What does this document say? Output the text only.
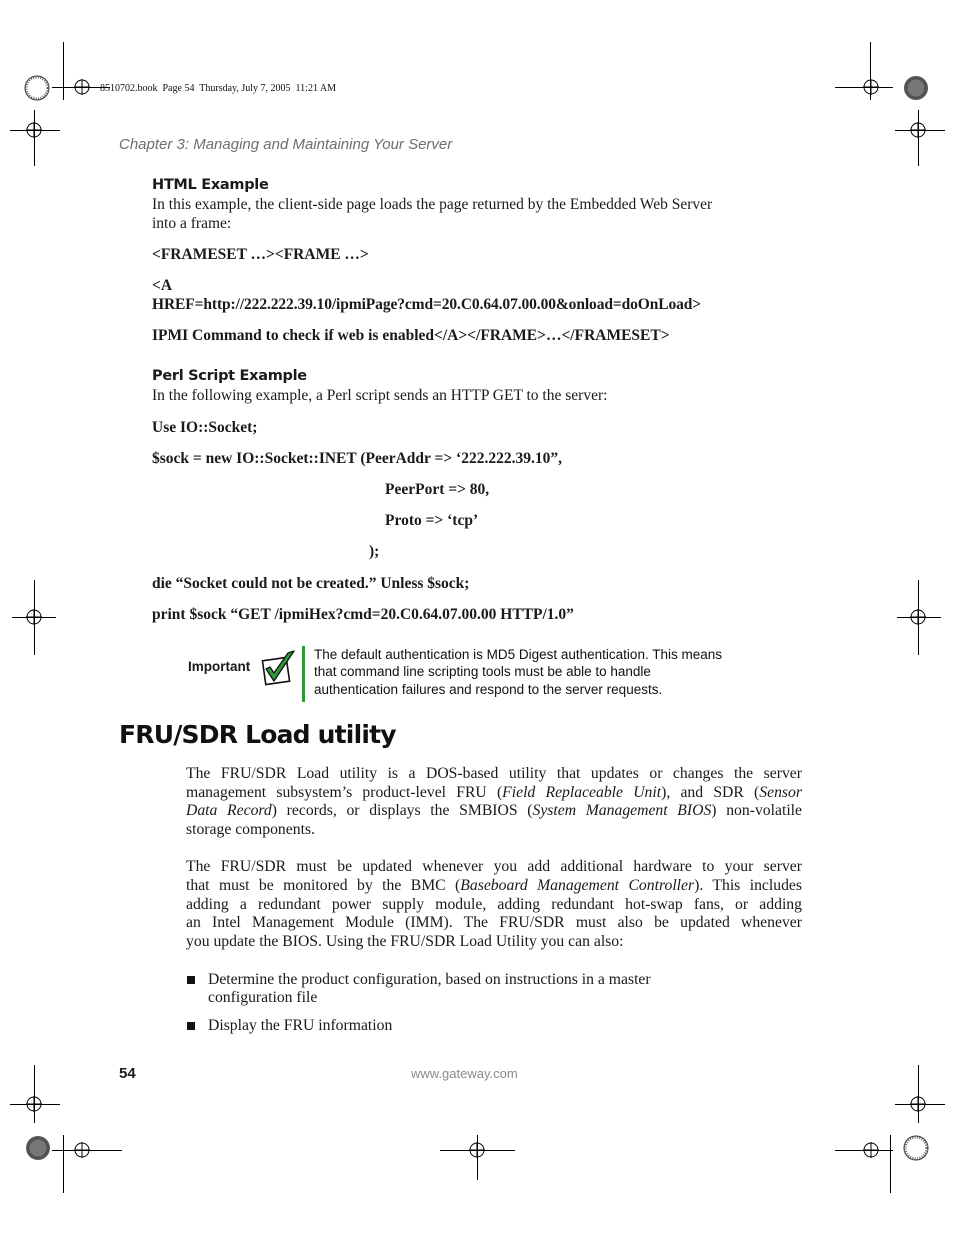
8510702.book  Page 54  Thursday, July 7, 2005  11:21 AM
Chapter 3: Managing and Maintaining Your Server
HTML Example
In this example, the client-side page loads the page returned by the Embedded Web Server
into a frame:
<FRAMESET …><FRAME …>
<A
HREF=http://222.222.39.10/ipmiPage?cmd=20.C0.64.07.00.00&onload=doOnLoad>
IPMI Command to check if web is enabled</A></FRAME>…</FRAMESET>
Perl Script Example
In the following example, a Perl script sends an HTTP GET to the server:
Use IO::Socket;
$sock = new IO::Socket::INET (PeerAddr => ‘222.222.39.10”,
PeerPort => 80,
Proto => ‘tcp’
);
die “Socket could not be created.” Unless $sock;
print $sock “GET /ipmiHex?cmd=20.C0.64.07.00.00 HTTP/1.0”
Important
The default authentication is MD5 Digest authentication. This means
that command line scripting tools must be able to handle
authentication failures and respond to the server requests.
FRU/SDR Load utility
The FRU/SDR Load utility is a DOS-based utility that updates or changes the server
management subsystem’s product-level FRU (Field Replaceable Unit), and SDR (Sensor
Data Record) records, or displays the SMBIOS (System Management BIOS) non-volatile
storage components.
The FRU/SDR must be updated whenever you add additional hardware to your server
that must be monitored by the BMC (Baseboard Management Controller). This includes
adding a redundant power supply module, adding redundant hot-swap fans, or adding
an Intel Management Module (IMM). The FRU/SDR must also be updated whenever
you update the BIOS. Using the FRU/SDR Load Utility you can also:
Determine the product configuration, based on instructions in a master
configuration file
Display the FRU information
54	www.gateway.com
